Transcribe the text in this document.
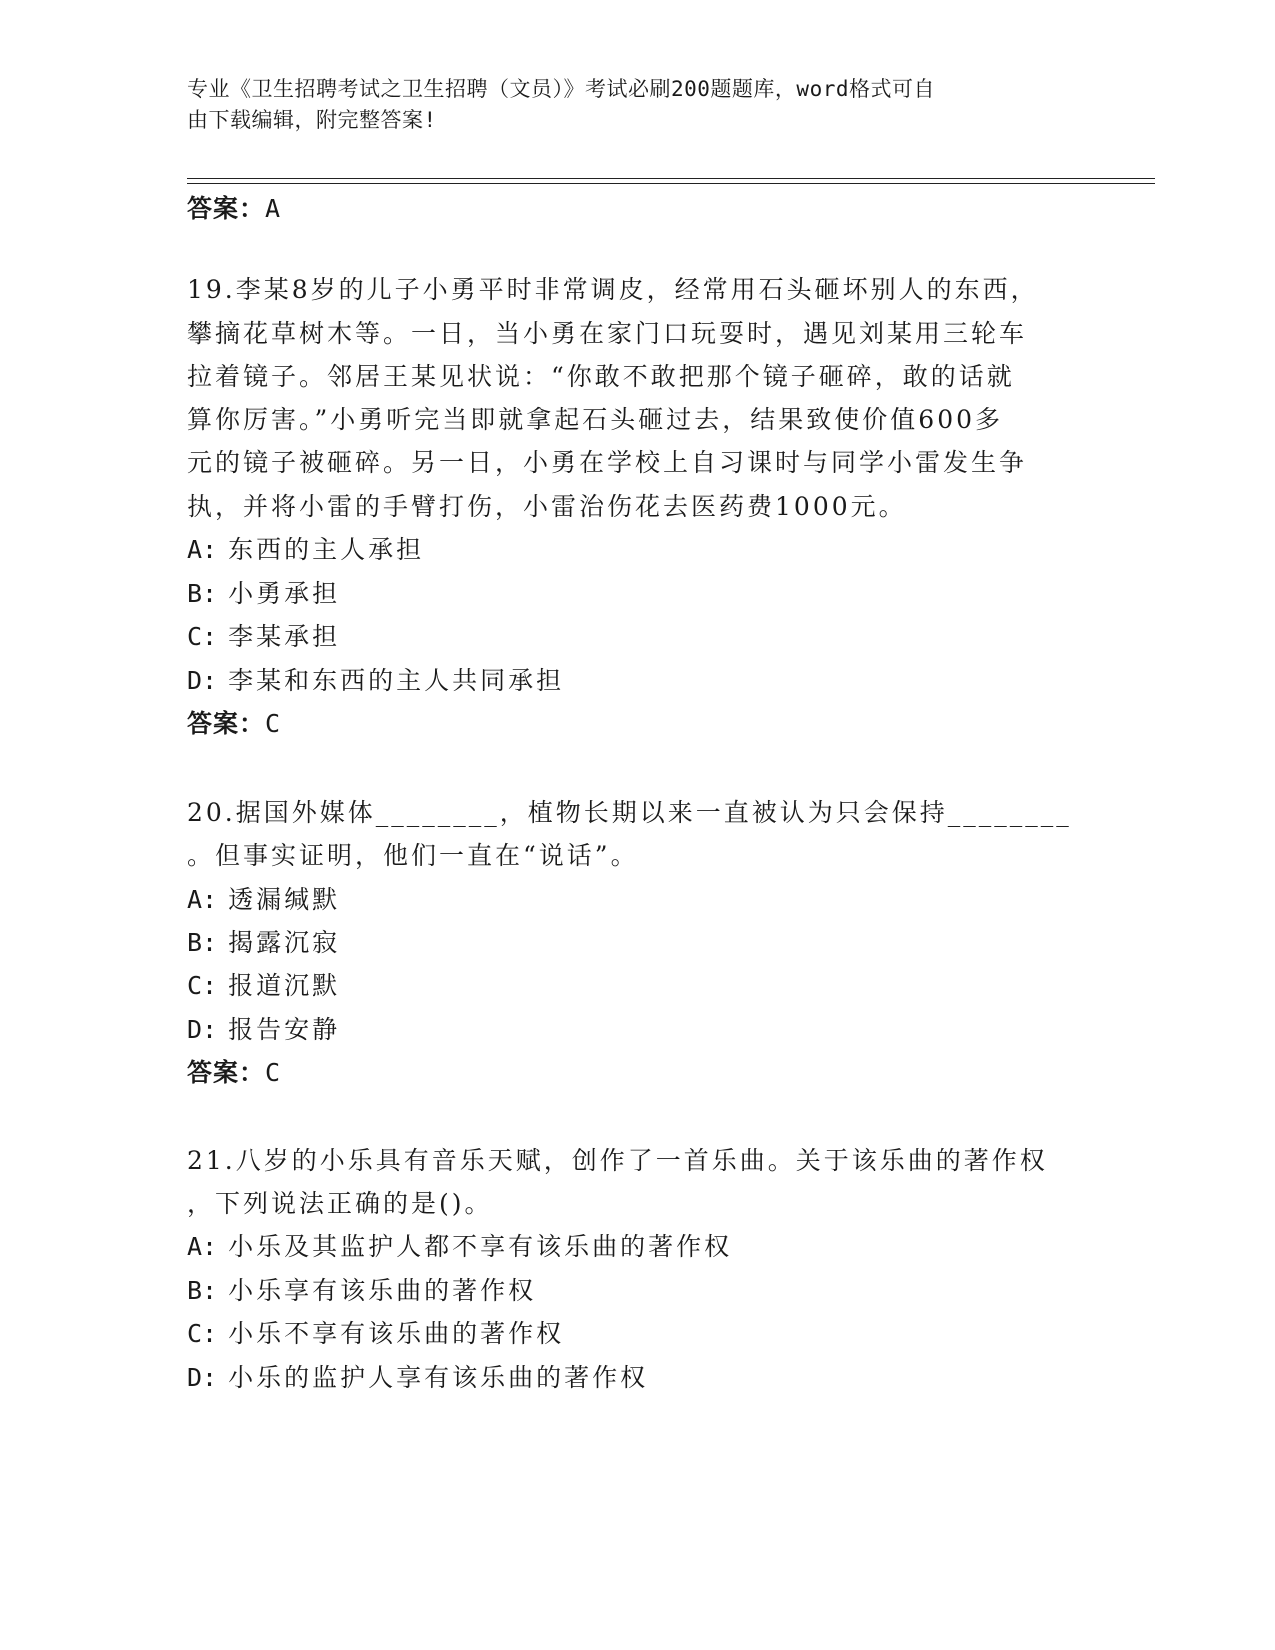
专业《卫生招聘考试之卫生招聘（文员）》考试必刷200题题库，word格式可自
由下载编辑，附完整答案!
答案：A
19.李某8岁的儿子小勇平时非常调皮，经常用石头砸坏别人的东西，
攀摘花草树木等。一日，当小勇在家门口玩耍时，遇见刘某用三轮车
拉着镜子。邻居王某见状说：“你敢不敢把那个镜子砸碎，敢的话就
算你厉害。”小勇听完当即就拿起石头砸过去，结果致使价值600多
元的镜子被砸碎。另一日，小勇在学校上自习课时与同学小雷发生争
执，并将小雷的手臂打伤，小雷治伤花去医药费1000元。
A: 东西的主人承担
B: 小勇承担
C: 李某承担
D: 李某和东西的主人共同承担
答案：C
20.据国外媒体________，植物长期以来一直被认为只会保持________
。但事实证明，他们一直在“说话”。
A: 透漏缄默
B: 揭露沉寂
C: 报道沉默
D: 报告安静
答案：C
21.八岁的小乐具有音乐天赋，创作了一首乐曲。关于该乐曲的著作权
，下列说法正确的是()。
A: 小乐及其监护人都不享有该乐曲的著作权
B: 小乐享有该乐曲的著作权
C: 小乐不享有该乐曲的著作权
D: 小乐的监护人享有该乐曲的著作权
